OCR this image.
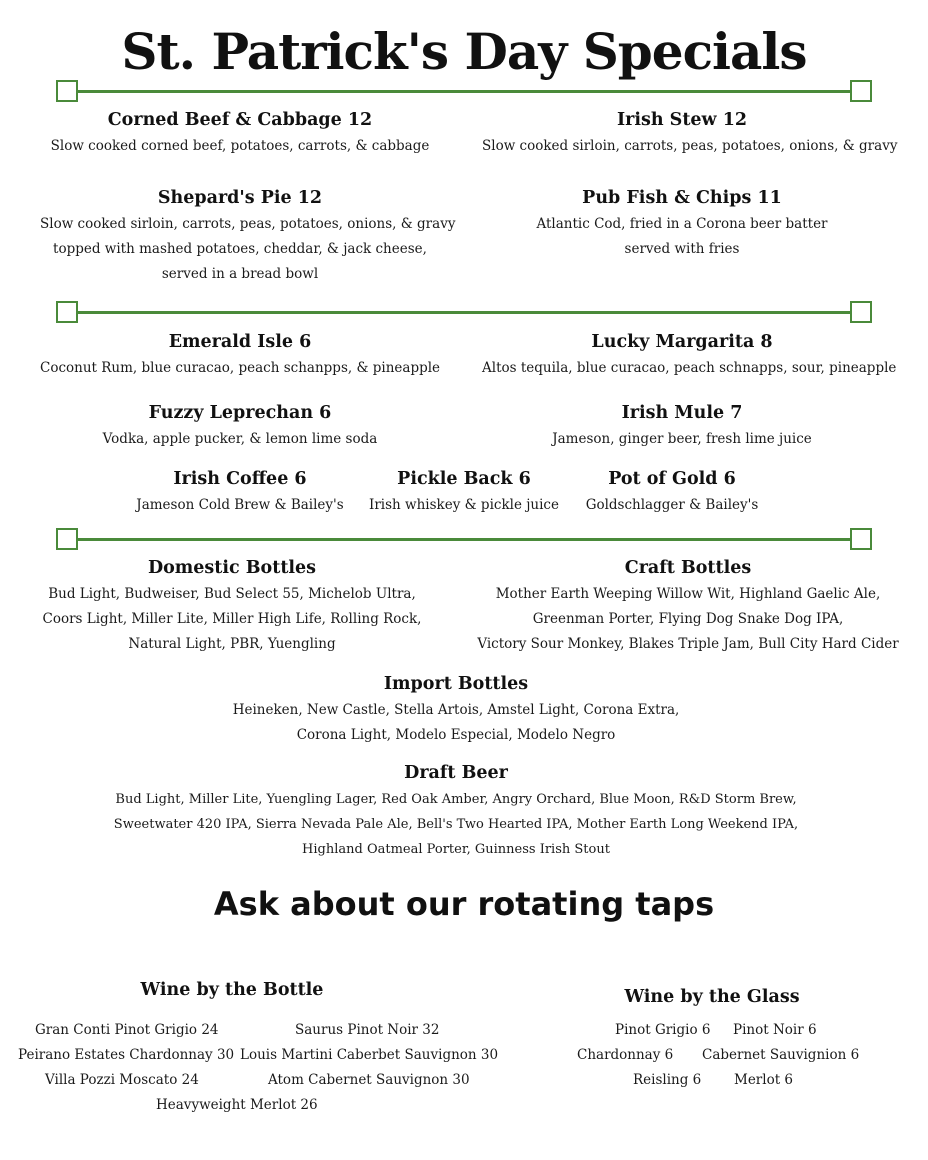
St. Patrick's Day Specials
Corned Beef & Cabbage 12
Slow cooked corned beef, potatoes, carrots, & cabbage
Irish Stew 12
Slow cooked sirloin, carrots, peas, potatoes, onions, & gravy
Shepard's Pie 12
Slow cooked sirloin, carrots, peas, potatoes, onions, & gravy
topped with mashed potatoes, cheddar, & jack cheese,
served in a bread bowl
Pub Fish & Chips 11
Atlantic Cod, fried in a Corona beer batter
served with fries
Emerald Isle 6
Coconut Rum, blue curacao, peach schanpps, & pineapple
Lucky Margarita 8
Altos tequila, blue curacao, peach schnapps, sour, pineapple
Fuzzy Leprechan 6
Vodka, apple pucker, & lemon lime soda
Irish Mule 7
Jameson, ginger beer, fresh lime juice
Irish Coffee 6
Jameson Cold Brew & Bailey's
Pickle Back 6
Irish whiskey & pickle juice
Pot of Gold 6
Goldschlagger & Bailey's
Domestic Bottles
Bud Light, Budweiser, Bud Select 55, Michelob Ultra,
Coors Light, Miller Lite, Miller High Life, Rolling Rock,
Natural Light, PBR, Yuengling
Craft Bottles
Mother Earth Weeping Willow Wit, Highland Gaelic Ale,
Greenman Porter, Flying Dog Snake Dog IPA,
Victory Sour Monkey, Blakes Triple Jam, Bull City Hard Cider
Import Bottles
Heineken, New Castle, Stella Artois, Amstel Light, Corona Extra,
Corona Light, Modelo Especial, Modelo Negro
Draft Beer
Bud Light, Miller Lite, Yuengling Lager, Red Oak Amber, Angry Orchard, Blue Moon, R&D Storm Brew,
Sweetwater 420 IPA, Sierra Nevada Pale Ale, Bell's Two Hearted IPA, Mother Earth Long Weekend IPA,
Highland Oatmeal Porter, Guinness Irish Stout
Ask about our rotating taps
Wine by the Bottle
Gran Conti Pinot Grigio 24	Saurus Pinot Noir 32
Peirano Estates Chardonnay 30 Louis Martini Caberbet Sauvignon 30
Villa Pozzi Moscato 24	Atom Cabernet Sauvignon 30
Heavyweight Merlot 26
Wine by the Glass
Pinot Grigio 6 Pinot Noir 6
Chardonnay 6 Cabernet Sauvignion 6
Reisling 6 Merlot 6
